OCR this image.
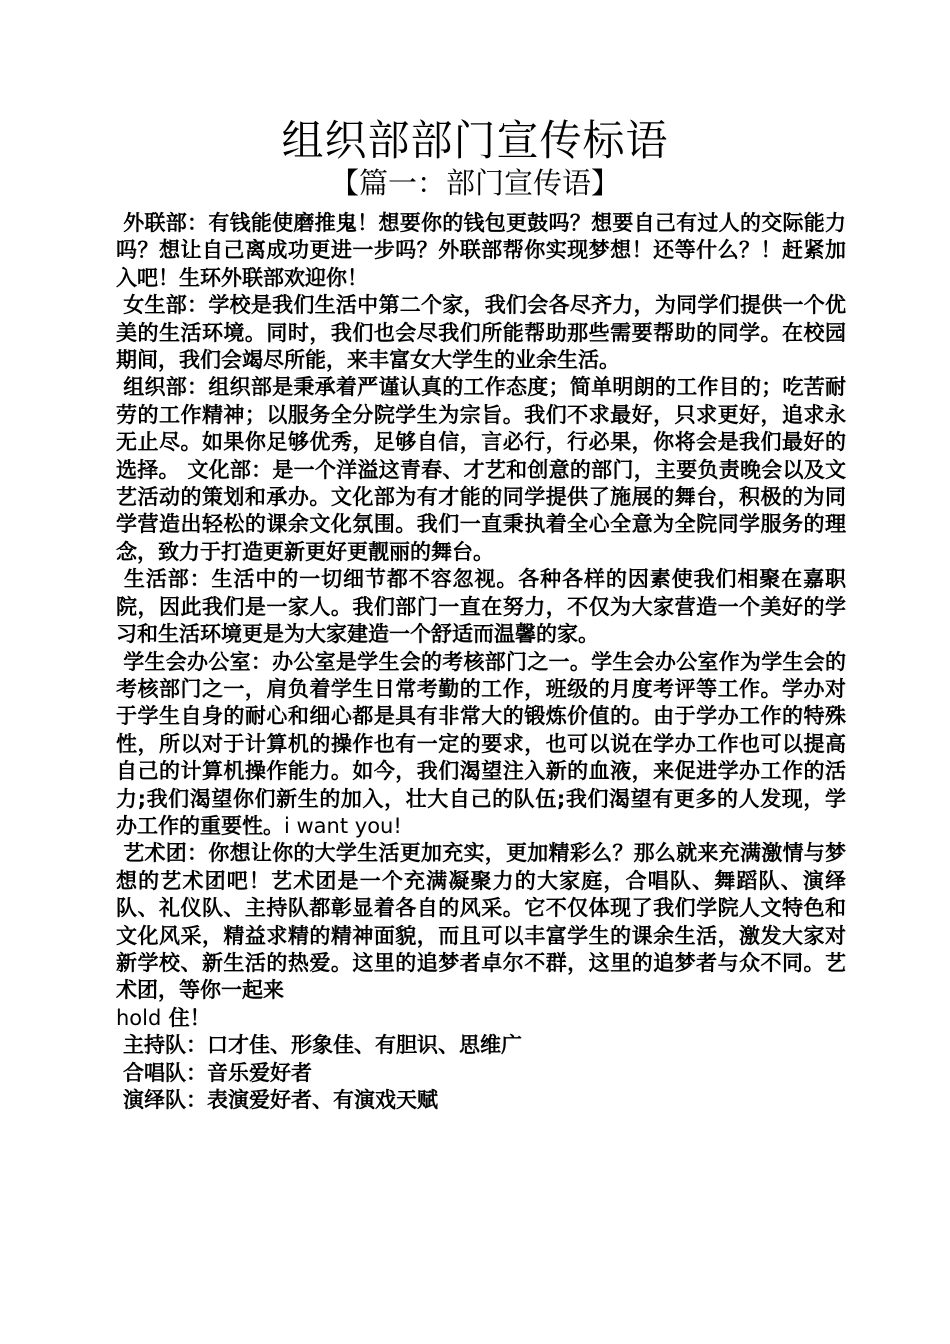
组织部部门宣传标语
【篇一：部门宣传语】

外联部：有钱能使磨推鬼！想要你的钱包更鼓吗？想要自己有过人的交际能力吗？想让自己离成功更进一步吗？外联部帮你实现梦想！还等什么？！赶紧加入吧！生环外联部欢迎你！

女生部：学校是我们生活中第二个家，我们会各尽齐力，为同学们提供一个优美的生活环境。同时，我们也会尽我们所能帮助那些需要帮助的同学。在校园期间，我们会竭尽所能，来丰富女大学生的业余生活。

组织部：组织部是秉承着严谨认真的工作态度；简单明朗的工作目的；吃苦耐劳的工作精神；以服务全分院学生为宗旨。我们不求最好，只求更好，追求永无止尽。如果你足够优秀，足够自信，言必行，行必果，你将会是我们最好的选择。 文化部：是一个洋溢这青春、才艺和创意的部门，主要负责晚会以及文艺活动的策划和承办。文化部为有才能的同学提供了施展的舞台，积极的为同学营造出轻松的课余文化氛围。我们一直秉执着全心全意为全院同学服务的理念，致力于打造更新更好更靓丽的舞台。

生活部：生活中的一切细节都不容忽视。各种各样的因素使我们相聚在嘉职院，因此我们是一家人。我们部门一直在努力，不仅为大家营造一个美好的学习和生活环境更是为大家建造一个舒适而温馨的家。

学生会办公室：办公室是学生会的考核部门之一。学生会办公室作为学生会的考核部门之一，肩负着学生日常考勤的工作，班级的月度考评等工作。学办对于学生自身的耐心和细心都是具有非常大的锻炼价值的。由于学办工作的特殊性，所以对于计算机的操作也有一定的要求，也可以说在学办工作也可以提高自己的计算机操作能力。如今，我们渴望注入新的血液，来促进学办工作的活力;我们渴望你们新生的加入，壮大自己的队伍;我们渴望有更多的人发现，学办工作的重要性。i want you!

艺术团：你想让你的大学生活更加充实，更加精彩么？那么就来充满激情与梦想的艺术团吧！艺术团是一个充满凝聚力的大家庭，合唱队、舞蹈队、演绎队、礼仪队、主持队都彰显着各自的风采。它不仅体现了我们学院人文特色和文化风采，精益求精的精神面貌，而且可以丰富学生的课余生活，激发大家对新学校、新生活的热爱。这里的追梦者卓尔不群，这里的追梦者与众不同。艺术团，等你一起来
hold 住！

主持队：口才佳、形象佳、有胆识、思维广

合唱队：音乐爱好者

演绎队：表演爱好者、有演戏天赋
